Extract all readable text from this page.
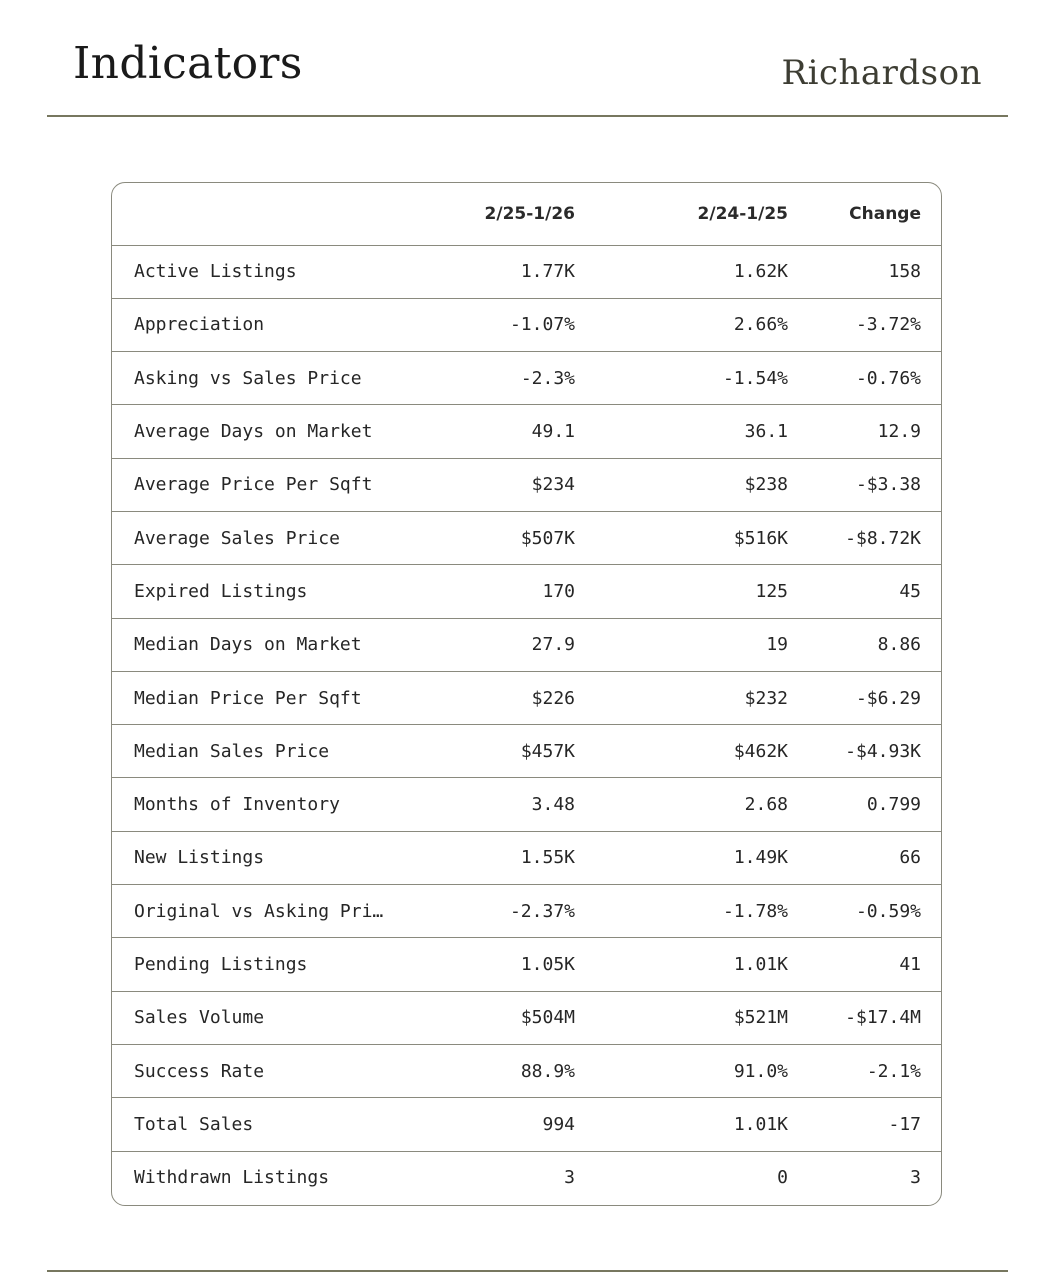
Indicators	Richardson
	2/25-1/26	2/24-1/25	Change
Active Listings	1.77K	1.62K	158
Appreciation	-1.07%	2.66%	-3.72%
Asking vs Sales Price	-2.3%	-1.54%	-0.76%
Average Days on Market	49.1	36.1	12.9
Average Price Per Sqft	$234	$238	-$3.38
Average Sales Price	$507K	$516K	-$8.72K
Expired Listings	170	125	45
Median Days on Market	27.9	19	8.86
Median Price Per Sqft	$226	$232	-$6.29
Median Sales Price	$457K	$462K	-$4.93K
Months of Inventory	3.48	2.68	0.799
New Listings	1.55K	1.49K	66
Original vs Asking Pri…	-2.37%	-1.78%	-0.59%
Pending Listings	1.05K	1.01K	41
Sales Volume	$504M	$521M	-$17.4M
Success Rate	88.9%	91.0%	-2.1%
Total Sales	994	1.01K	-17
Withdrawn Listings	3	0	3
